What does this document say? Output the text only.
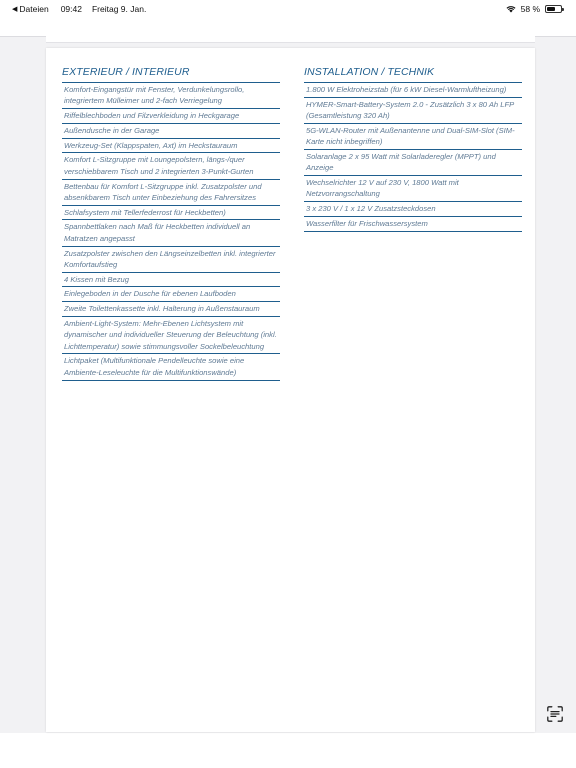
◀ Dateien 09:42 Freitag 9. Jan.	58 %
EXTERIEUR / INTERIEUR
Komfort-Eingangstür mit Fenster, Verdunkelungsrollo, integriertem Mülleimer und 2-fach Verriegelung
Riffelblechboden und Filzverkleidung in Heckgarage
Außendusche in der Garage
Werkzeug-Set (Klappspaten, Axt) im Heckstauraum
Komfort L-Sitzgruppe mit Loungepolstern, längs-/quer verschiebbarem Tisch und 2 integrierten 3-Punkt-Gurten
Bettenbau für Komfort L-Sitzgruppe inkl. Zusatzpolster und absenkbarem Tisch unter Einbeziehung des Fahrersitzes
Schlafsystem mit Tellerfederrost für Heckbetten)
Spannbettlaken nach Maß für Heckbetten individuell an Matratzen angepasst
Zusatzpolster zwischen den Längseinzelbetten inkl. integrierter Komfortaufstieg
4 Kissen mit Bezug
Einlegeboden in der Dusche für ebenen Laufboden
Zweite Toilettenkassette inkl. Halterung in Außenstauraum
Ambient-Light-System: Mehr-Ebenen Lichtsystem mit dynamischer und individueller Steuerung der Beleuchtung (inkl. Lichttemperatur) sowie stimmungsvoller Sockelbeleuchtung
Lichtpaket (Multifunktionale Pendelleuchte sowie eine Ambiente-Leseleuchte für die Multifunktionswände)
INSTALLATION / TECHNIK
1.800 W Elektroheizstab (für 6 kW Diesel-Warmluftheizung)
HYMER-Smart-Battery-System 2.0 - Zusätzlich 3 x 80 Ah LFP (Gesamtleistung 320 Ah)
5G-WLAN-Router mit Außenantenne und Dual-SIM-Slot (SIM-Karte nicht inbegriffen)
Solaranlage 2 x 95 Watt mit Solarladeregler (MPPT) und Anzeige
Wechselrichter 12 V auf 230 V, 1800 Watt mit Netzvorrangschaltung
3 x 230 V / 1 x 12 V Zusatzsteckdosen
Wasserfilter für Frischwassersystem
